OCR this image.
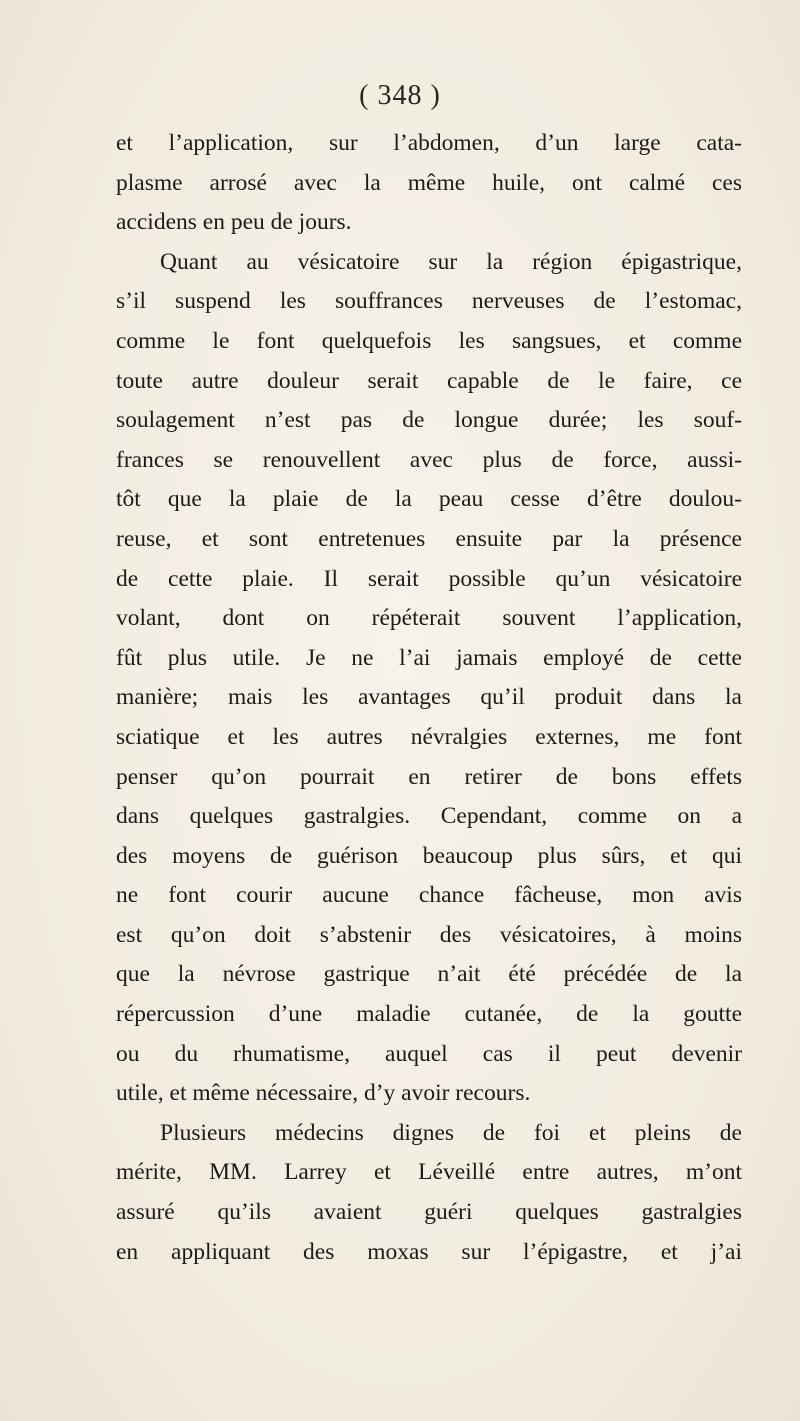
( 348 )
et l’application, sur l’abdomen, d’un large cata-
plasme arrosé avec la même huile, ont calmé ces
accidens en peu de jours.
Quant au vésicatoire sur la région épigastrique,
s’il suspend les souffrances nerveuses de l’estomac,
comme le font quelquefois les sangsues, et comme
toute autre douleur serait capable de le faire, ce
soulagement n’est pas de longue durée; les souf-
frances se renouvellent avec plus de force, aussi-
tôt que la plaie de la peau cesse d’être doulou-
reuse, et sont entretenues ensuite par la présence
de cette plaie. Il serait possible qu’un vésicatoire
volant, dont on répéterait souvent l’application,
fût plus utile. Je ne l’ai jamais employé de cette
manière; mais les avantages qu’il produit dans la
sciatique et les autres névralgies externes, me font
penser qu’on pourrait en retirer de bons effets
dans quelques gastralgies. Cependant, comme on a
des moyens de guérison beaucoup plus sûrs, et qui
ne font courir aucune chance fâcheuse, mon avis
est qu’on doit s’abstenir des vésicatoires, à moins
que la névrose gastrique n’ait été précédée de la
répercussion d’une maladie cutanée, de la goutte
ou du rhumatisme, auquel cas il peut devenir
utile, et même nécessaire, d’y avoir recours.
Plusieurs médecins dignes de foi et pleins de
mérite, MM. Larrey et Léveillé entre autres, m’ont
assuré qu’ils avaient guéri quelques gastralgies
en appliquant des moxas sur l’épigastre, et j’ai
